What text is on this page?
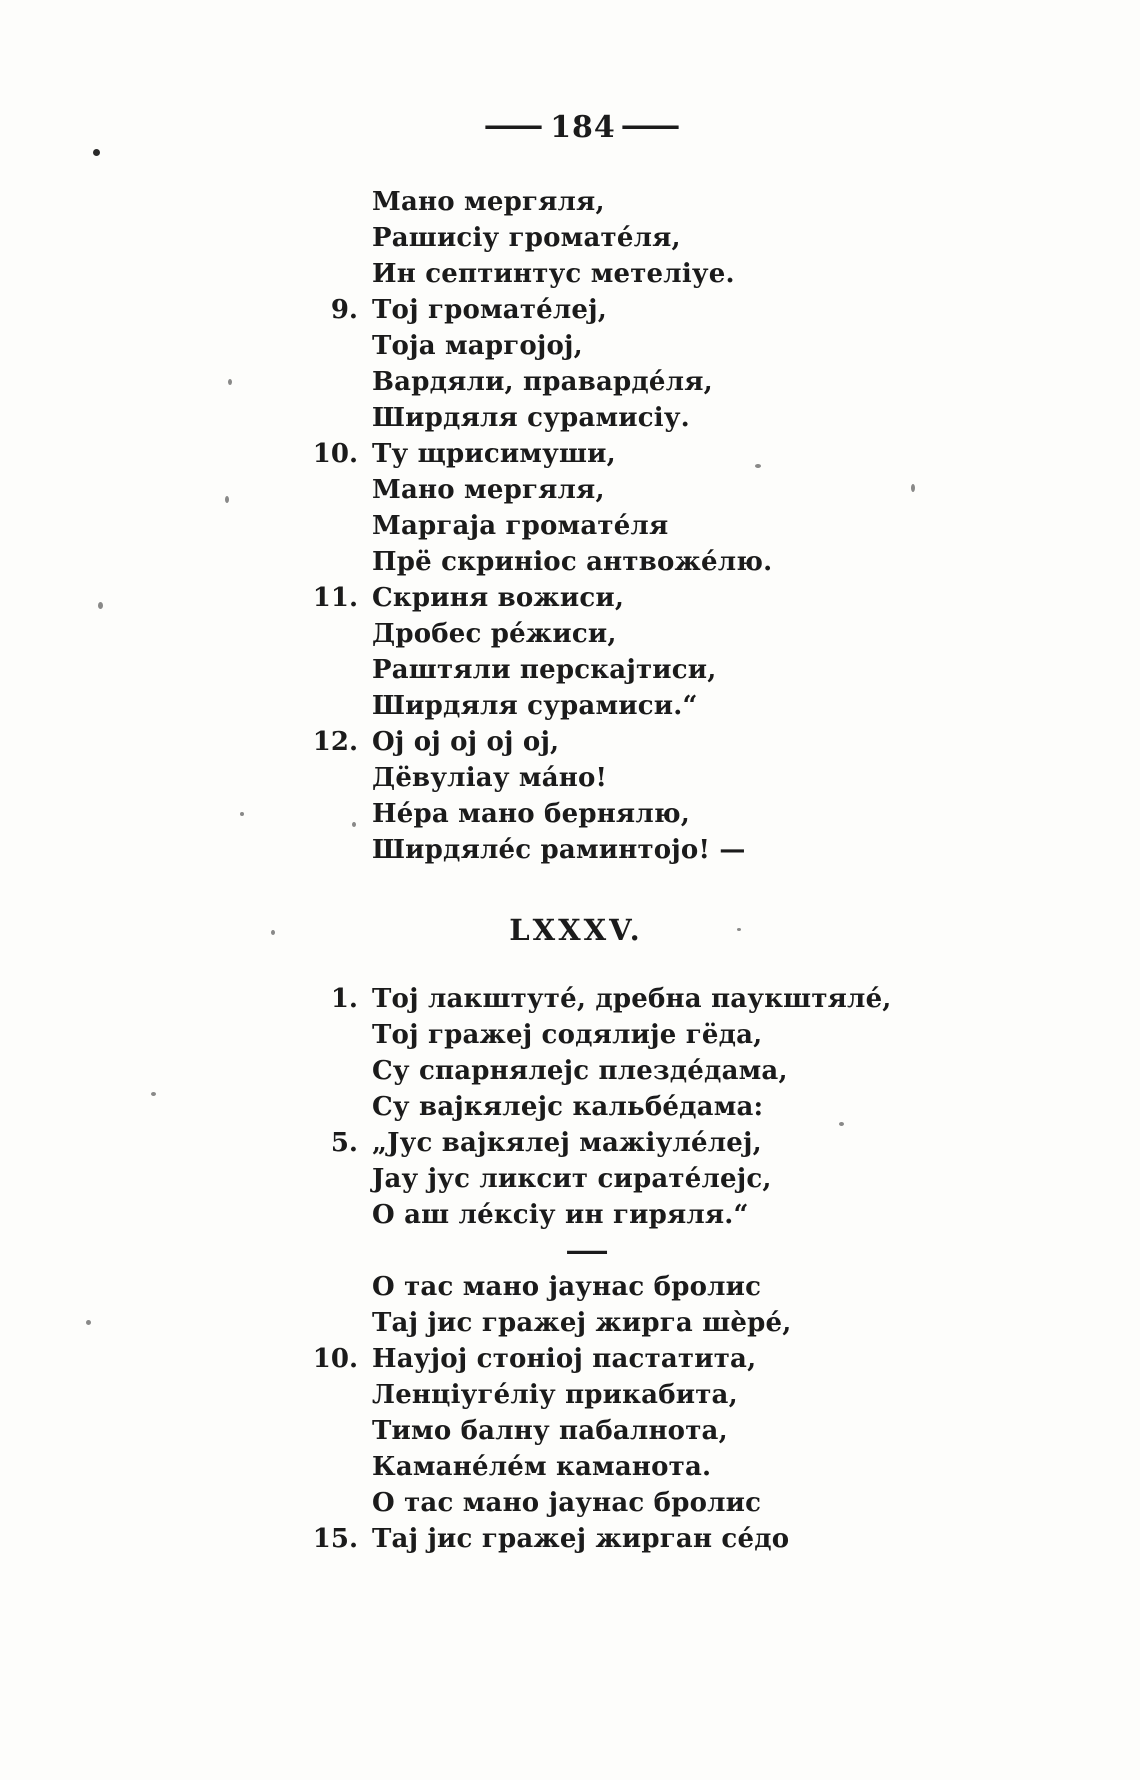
—184—
Мано мергяля,
Рашисіу громате́ля,
Ин септинтус метеліуе.
9. Тој громате́леј,
Тоја маргојој,
Вардяли, праварде́ля,
Ширдяля сурамисіу.
10. Ту щрисимуши,
Мано мергяля,
Маргаја громате́ля
Прё скриніос антвоже́лю.
11. Скриня вожиси,
Дробес ре́жиси,
Раштяли перскајтиси,
Ширдяля сурамиси.“
12. Ој ој ој ој ој,
Дёвуліау ма́но!
Не́ра мано бернялю,
Ширдяле́с раминтојо! —
LXXXV.
1. Тој лакштуте́, дребна паукштяле́,
Тој гражеј содялије гёда,
Су спарнялејс плезде́дама,
Су вајкялејс кальбе́дама:
5. „Јус вајкялеј мажіуле́леј,
Јау јус ликсит сирате́лејс,
О аш ле́ксіу ин гиряля.“
—
О тас мано јаунас бролис
Тај јис гражеј жирга шѐре́,
10. Наујој стоніој пастатита,
Ленціуге́ліу прикабита,
Тимо балну пабалнота,
Камане́ле́м каманота.
О тас мано јаунас бролис
15. Тај јис гражеј жирган се́до
